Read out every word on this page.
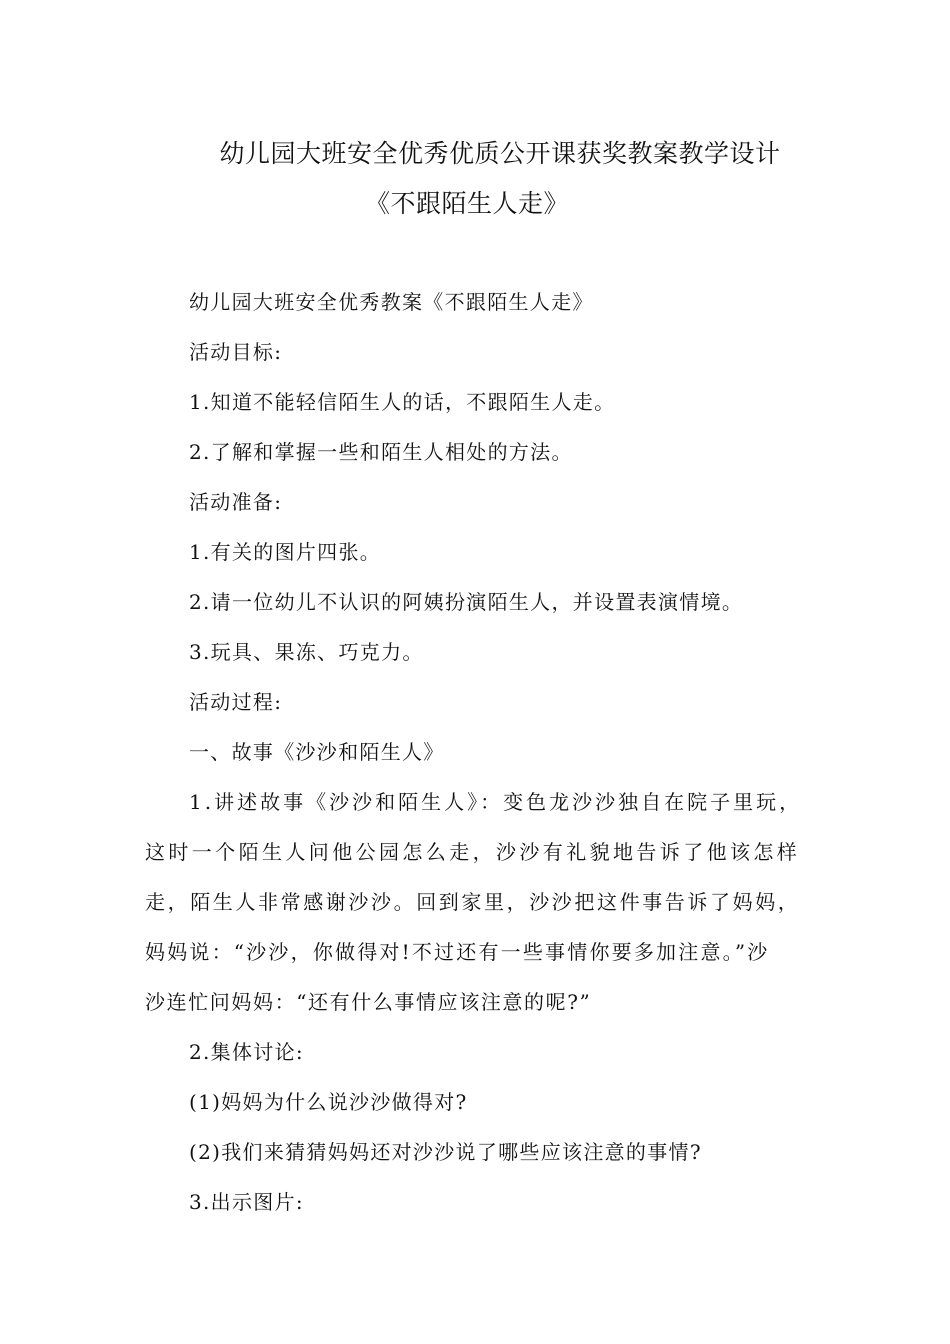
幼儿园大班安全优秀优质公开课获奖教案教学设计
《不跟陌生人走》

幼儿园大班安全优秀教案《不跟陌生人走》

活动目标:

1.知道不能轻信陌生人的话，不跟陌生人走。

2.了解和掌握一些和陌生人相处的方法。

活动准备:

1.有关的图片四张。

2.请一位幼儿不认识的阿姨扮演陌生人，并设置表演情境。

3.玩具、果冻、巧克力。

活动过程:

一、故事《沙沙和陌生人》

1.讲述故事《沙沙和陌生人》：变色龙沙沙独自在院子里玩，

这时一个陌生人问他公园怎么走，沙沙有礼貌地告诉了他该怎样

走，陌生人非常感谢沙沙。回到家里，沙沙把这件事告诉了妈妈，

妈妈说：“沙沙，你做得对!不过还有一些事情你要多加注意。”沙

沙连忙问妈妈：“还有什么事情应该注意的呢?”

2.集体讨论:

(1)妈妈为什么说沙沙做得对?

(2)我们来猜猜妈妈还对沙沙说了哪些应该注意的事情?

3.出示图片:
